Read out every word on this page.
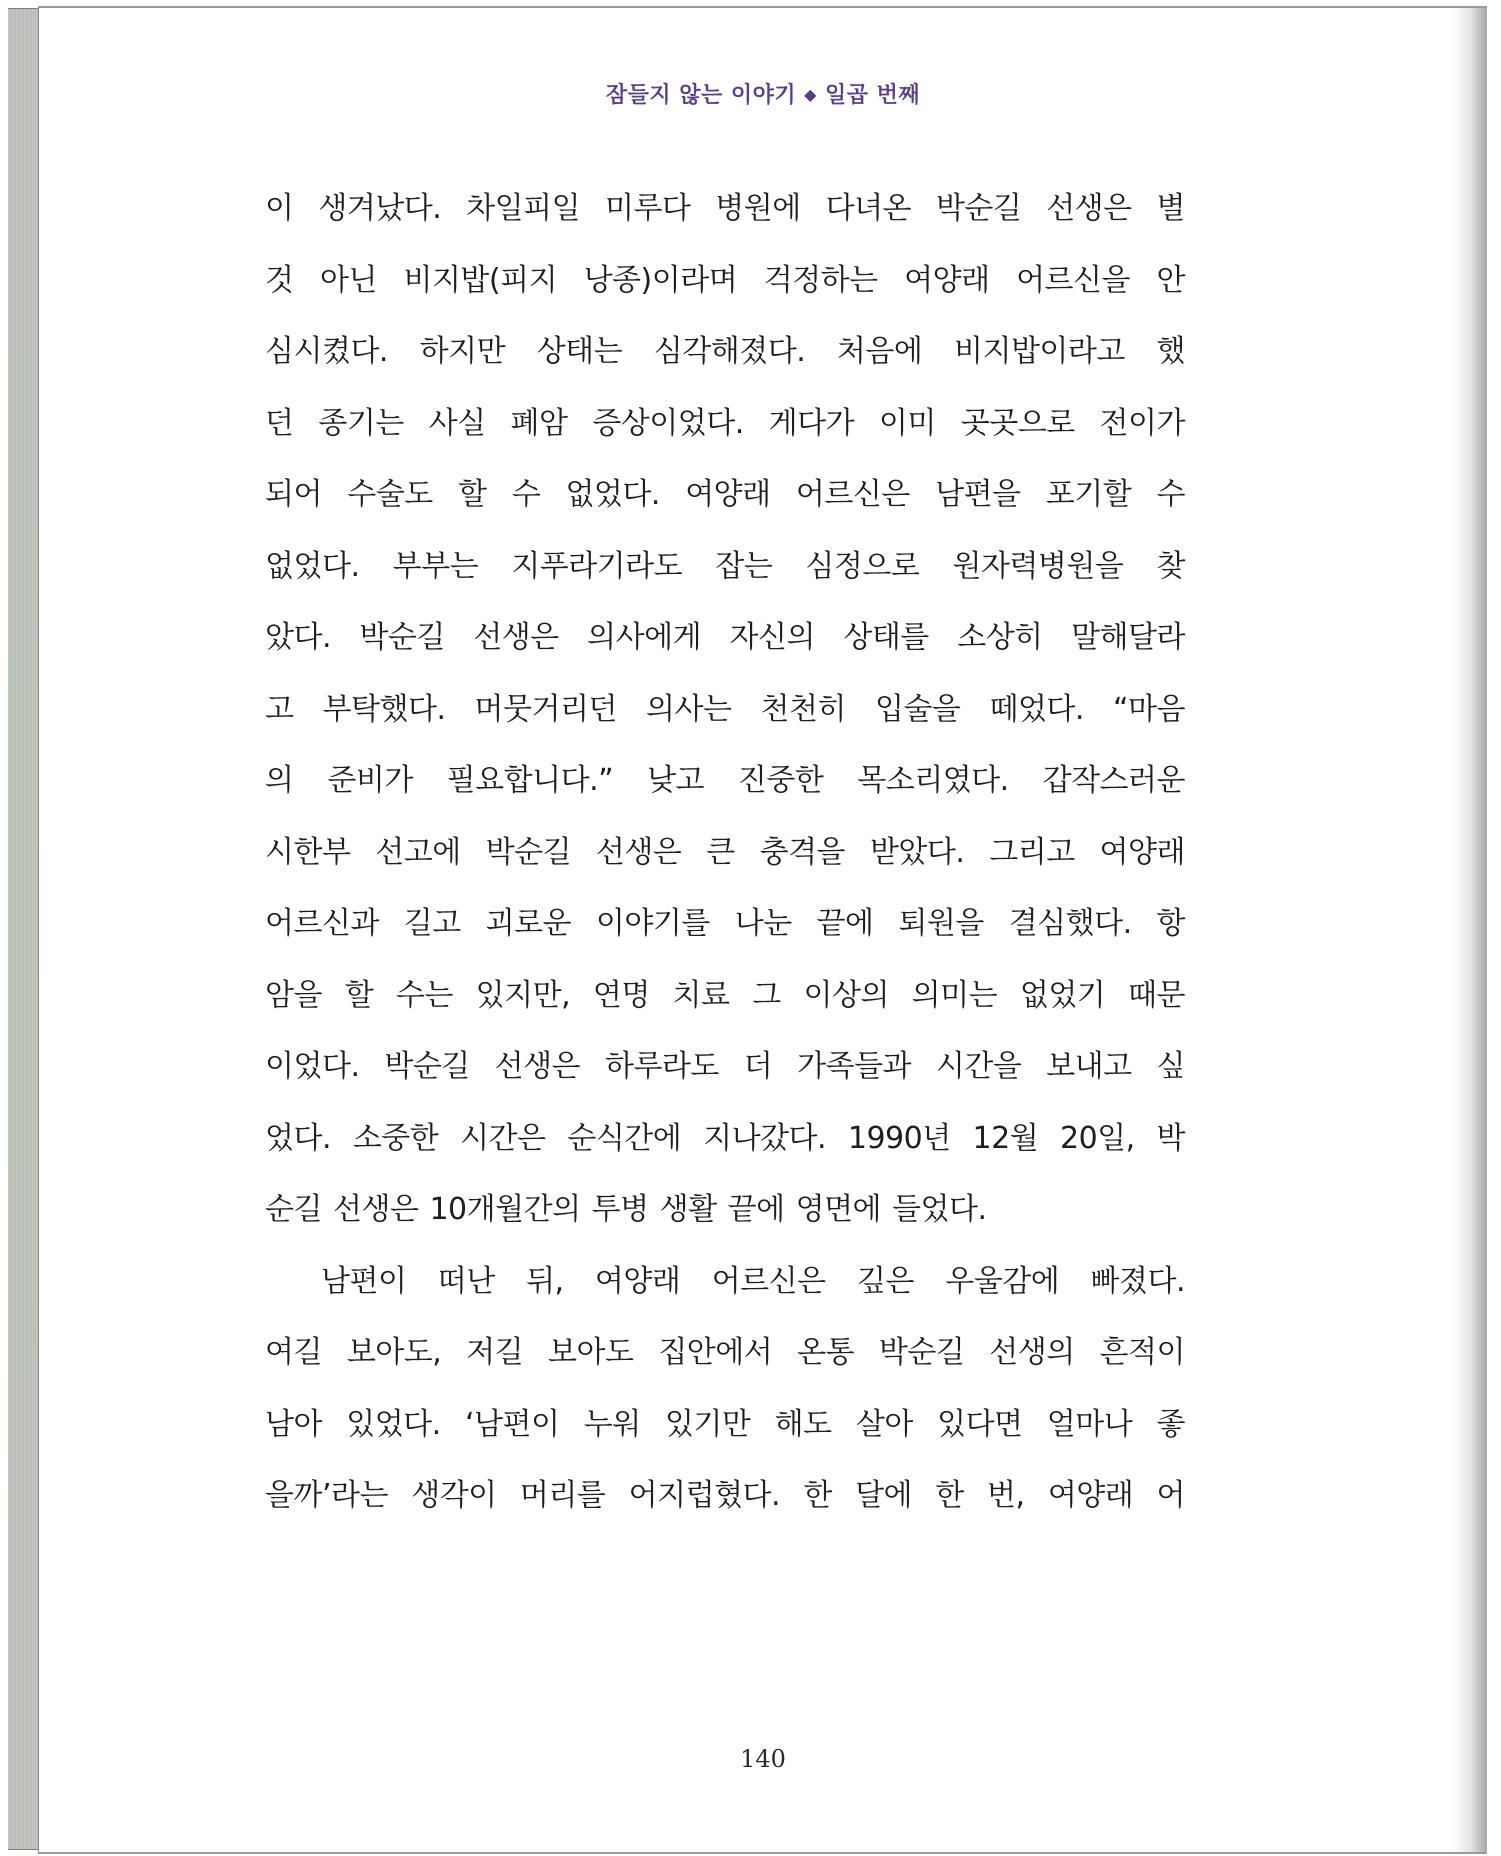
잠들지 않는 이야기 ◆ 일곱 번째
이 생겨났다. 차일피일 미루다 병원에 다녀온 박순길 선생은 별
것 아닌 비지밥(피지 낭종)이라며 걱정하는 여양래 어르신을 안
심시켰다. 하지만 상태는 심각해졌다. 처음에 비지밥이라고 했
던 종기는 사실 폐암 증상이었다. 게다가 이미 곳곳으로 전이가
되어 수술도 할 수 없었다. 여양래 어르신은 남편을 포기할 수
없었다. 부부는 지푸라기라도 잡는 심정으로 원자력병원을 찾
았다. 박순길 선생은 의사에게 자신의 상태를 소상히 말해달라
고 부탁했다. 머뭇거리던 의사는 천천히 입술을 떼었다. “마음
의 준비가 필요합니다.” 낮고 진중한 목소리였다. 갑작스러운
시한부 선고에 박순길 선생은 큰 충격을 받았다. 그리고 여양래
어르신과 길고 괴로운 이야기를 나눈 끝에 퇴원을 결심했다. 항
암을 할 수는 있지만, 연명 치료 그 이상의 의미는 없었기 때문
이었다. 박순길 선생은 하루라도 더 가족들과 시간을 보내고 싶
었다. 소중한 시간은 순식간에 지나갔다. 1990년 12월 20일, 박
순길 선생은 10개월간의 투병 생활 끝에 영면에 들었다.
남편이 떠난 뒤, 여양래 어르신은 깊은 우울감에 빠졌다.
여길 보아도, 저길 보아도 집안에서 온통 박순길 선생의 흔적이
남아 있었다. ‘남편이 누워 있기만 해도 살아 있다면 얼마나 좋
을까’라는 생각이 머리를 어지럽혔다. 한 달에 한 번, 여양래 어
140
